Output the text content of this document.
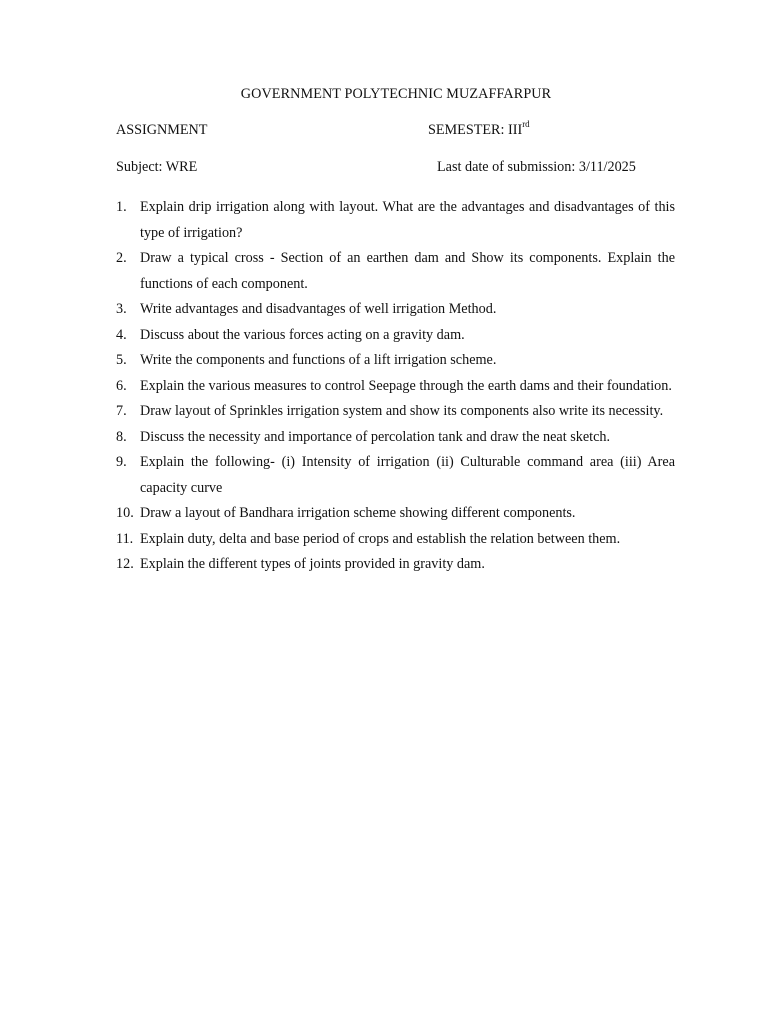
GOVERNMENT POLYTECHNIC MUZAFFARPUR
ASSIGNMENT	SEMESTER: IIIrd
Subject: WRE	Last date of submission: 3/11/2025
1. Explain drip irrigation along with layout. What are the advantages and disadvantages of this type of irrigation?
2. Draw a typical cross - Section of an earthen dam and Show its components. Explain the functions of each component.
3. Write advantages and disadvantages of well irrigation Method.
4. Discuss about the various forces acting on a gravity dam.
5. Write the components and functions of a lift irrigation scheme.
6. Explain the various measures to control Seepage through the earth dams and their foundation.
7. Draw layout of Sprinkles irrigation system and show its components also write its necessity.
8. Discuss the necessity and importance of percolation tank and draw the neat sketch.
9. Explain the following- (i) Intensity of irrigation (ii) Culturable command area (iii) Area capacity curve
10. Draw a layout of Bandhara irrigation scheme showing different components.
11. Explain duty, delta and base period of crops and establish the relation between them.
12. Explain the different types of joints provided in gravity dam.
